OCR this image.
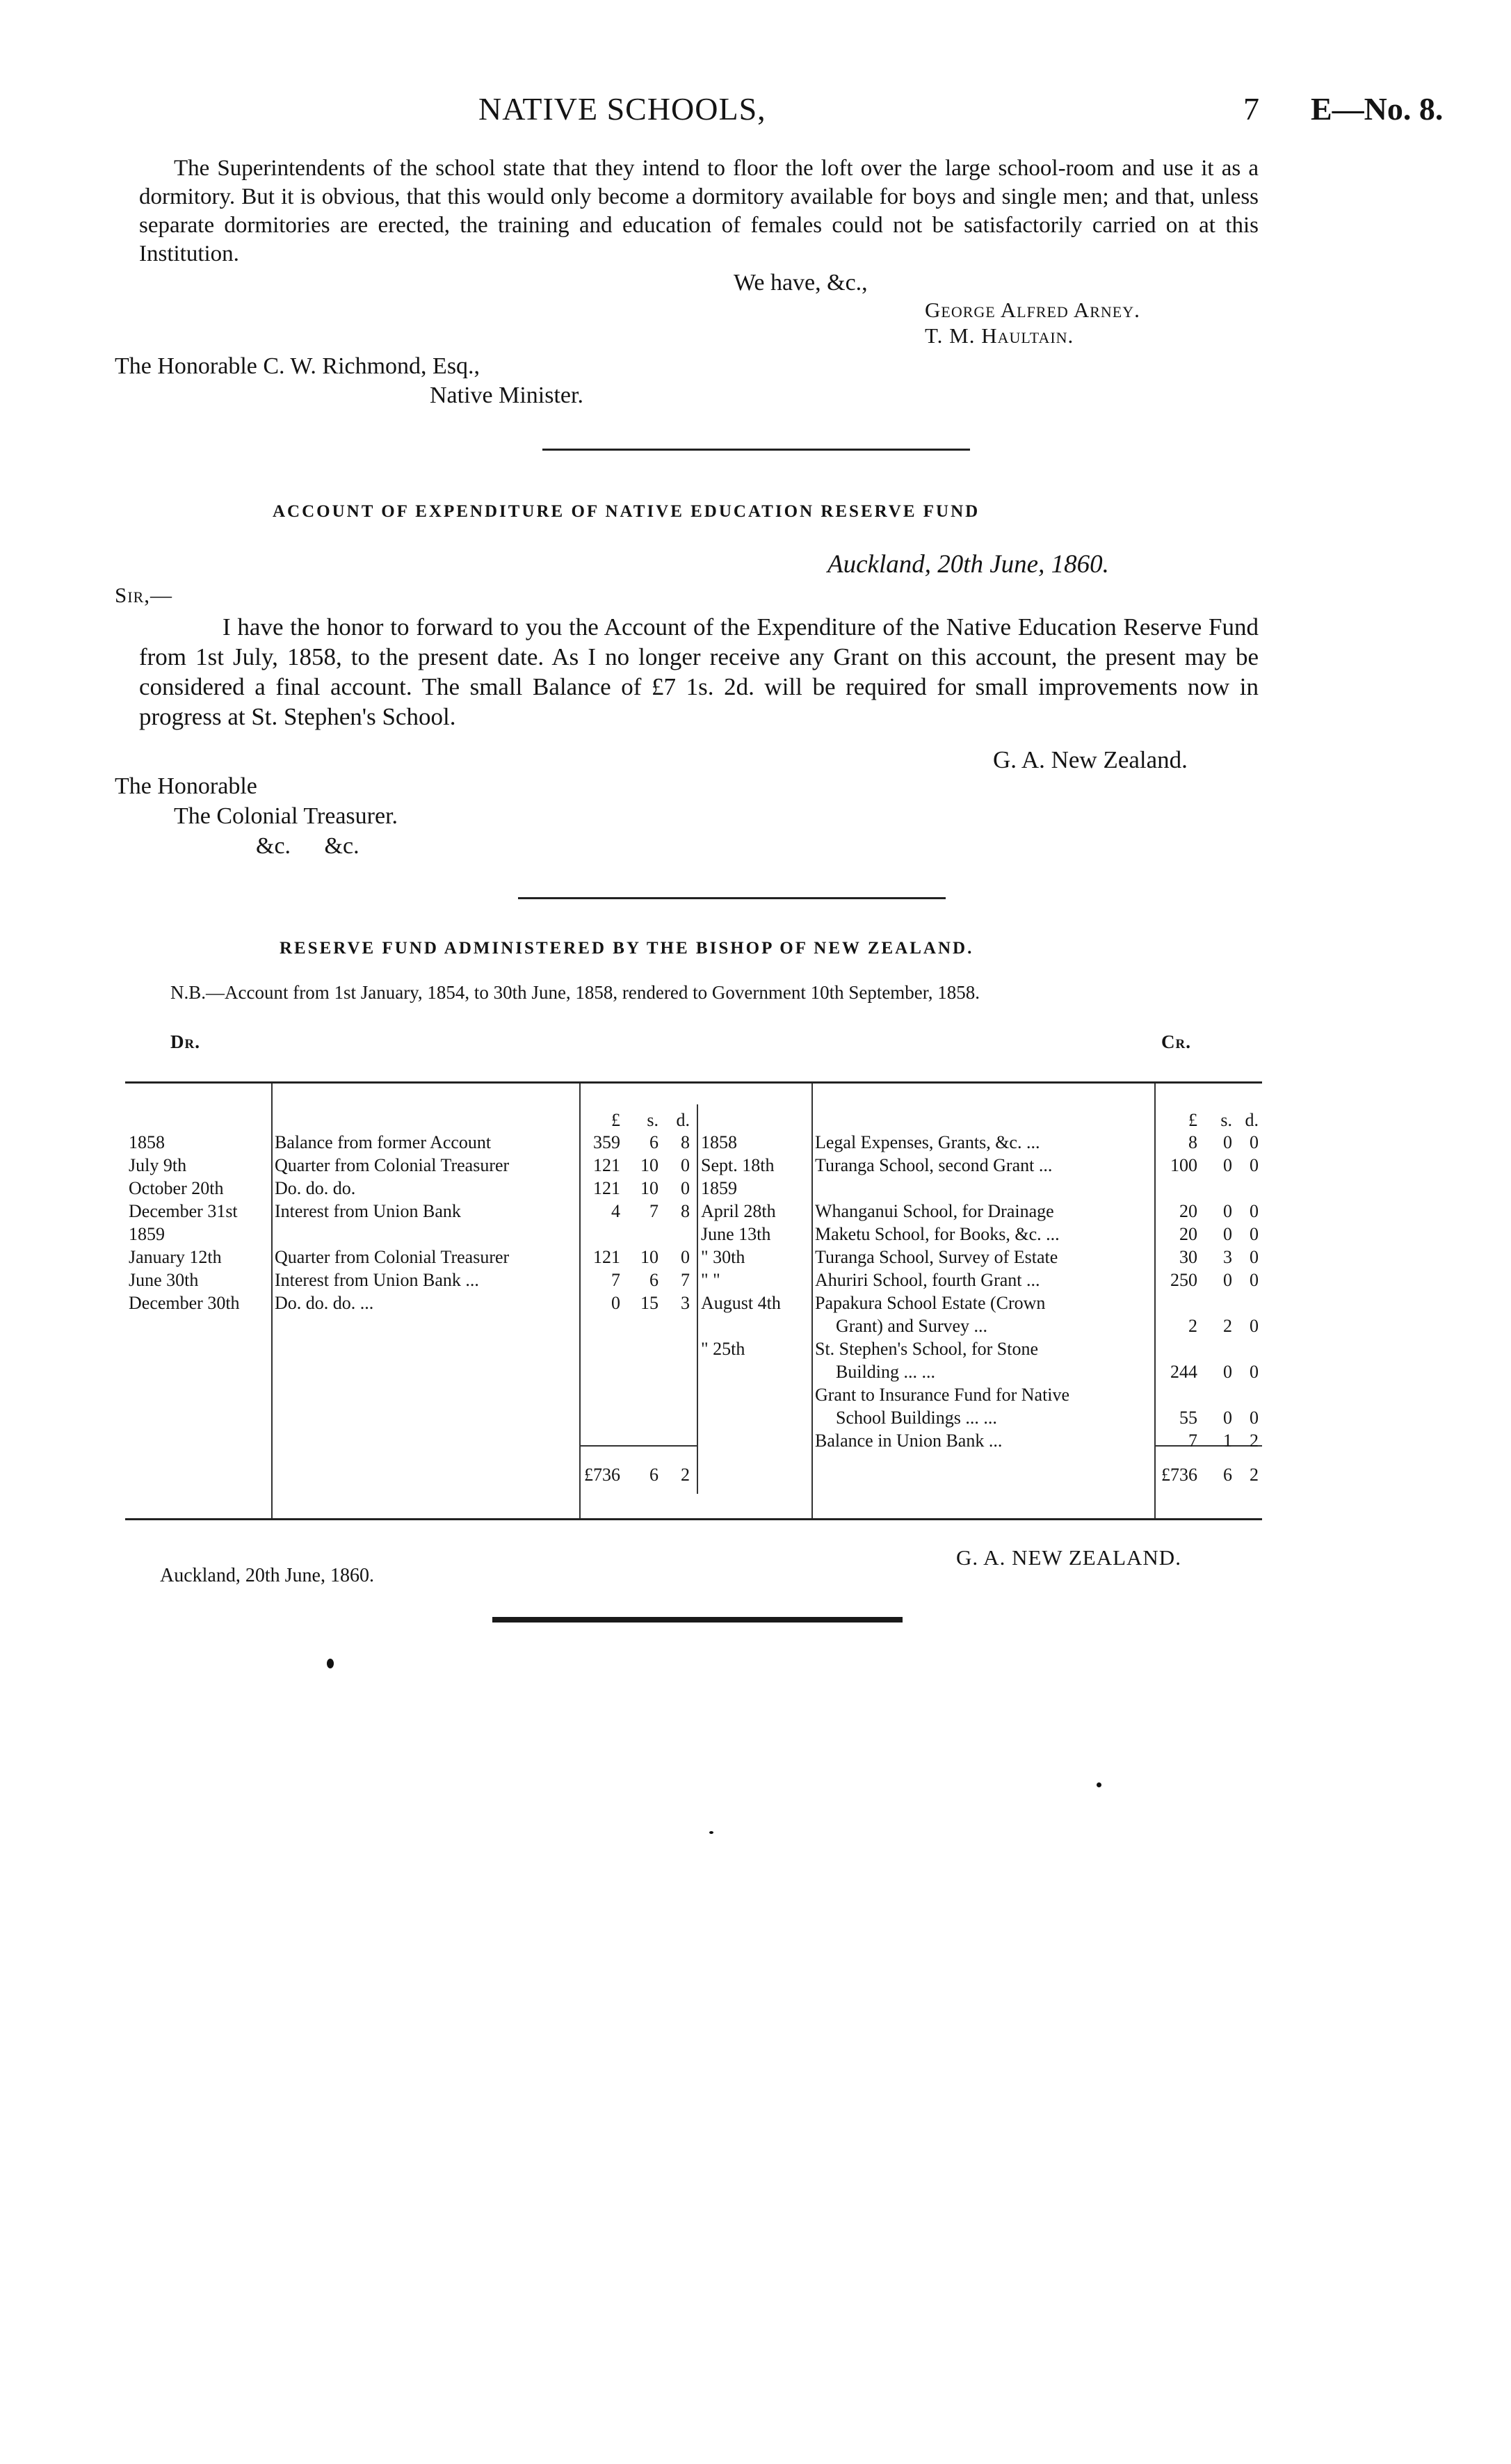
NATIVE SCHOOLS,	7 E—No. 8.

The Superintendents of the school state that they intend to floor the loft over the large school-room and use it as a dormitory. But it is obvious, that this would only become a dormitory available for boys and single men; and that, unless separate dormitories are erected, the training and education of females could not be satisfactorily carried on at this Institution.

We have, &c.,
George Alfred Arney.
T. M. Haultain.
The Honorable C. W. Richmond, Esq.,
Native Minister.
ACCOUNT OF EXPENDITURE OF NATIVE EDUCATION RESERVE FUND
Auckland, 20th June, 1860.
Sir,—

I have the honor to forward to you the Account of the Expenditure of the Native Education Reserve Fund from 1st July, 1858, to the present date. As I no longer receive any Grant on this account, the present may be considered a final account. The small Balance of £7 1s. 2d. will be required for small improvements now in progress at St. Stephen's School.

G. A. New Zealand.
The Honorable
The Colonial Treasurer.
&c. &c.
RESERVE FUND ADMINISTERED BY THE BISHOP OF NEW ZEALAND.
N.B.—Account from 1st January, 1854, to 30th June, 1858, rendered to Government 10th September, 1858.
Dr.	Cr.
£	s. d.	£	s. d.
1858	Balance from former Account	359	6	8
July 9th	Quarter from Colonial Treasurer	121	10	0
October 20th	Do. do. do.	121	10	0
December 31st	Interest from Union Bank	4	7	8
1859
January 12th	Quarter from Colonial Treasurer	121	10	0
June 30th	Interest from Union Bank ...	7	6	7
December 30th	Do. do. do. ...	0	15	3
1858	Legal Expenses, Grants, &c. ...	8	0 0
Sept. 18th	Turanga School, second Grant ...	100	0 0
1859
April 28th	Whanganui School, for Drainage	20	0 0
June 13th	Maketu School, for Books, &c. ...	20	0 0
" 30th	Turanga School, Survey of Estate	30	3 0
" "	Ahuriri School, fourth Grant ...	250	0 0
August 4th	Papakura School Estate (Crown
Grant) and Survey ...	2	2 0
" 25th	St. Stephen's School, for Stone
Building ... ...	244	0 0
Grant to Insurance Fund for Native
School Buildings ... ...	55	0 0
Balance in Union Bank ...	7	1 2
£736	6	2	£736	6 2
Auckland, 20th June, 1860.
G. A. NEW ZEALAND.
